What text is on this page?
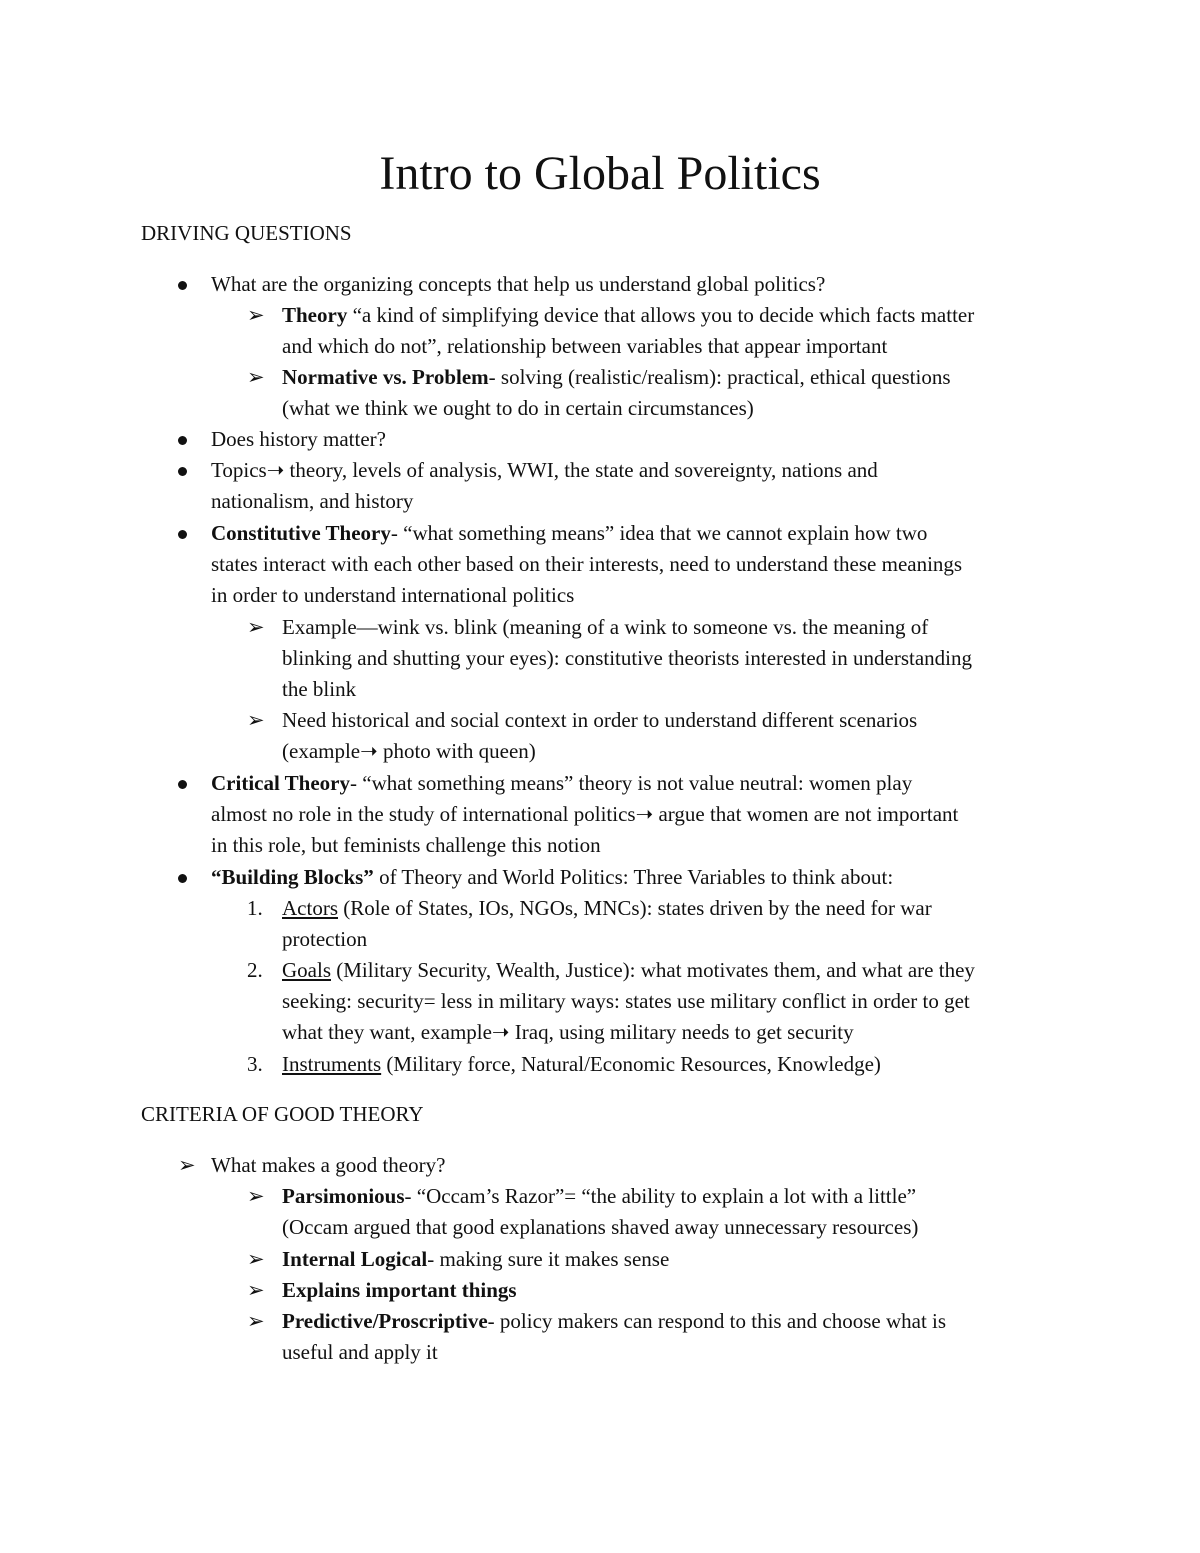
Intro to Global Politics
DRIVING QUESTIONS
What are the organizing concepts that help us understand global politics?
➢ Theory “a kind of simplifying device that allows you to decide which facts matter
and which do not”, relationship between variables that appear important
➢ Normative vs. Problem- solving (realistic/realism): practical, ethical questions
(what we think we ought to do in certain circumstances)
Does history matter?
Topics➝ theory, levels of analysis, WWI, the state and sovereignty, nations and
nationalism, and history
Constitutive Theory- “what something means” idea that we cannot explain how two
states interact with each other based on their interests, need to understand these meanings
in order to understand international politics
➢ Example—wink vs. blink (meaning of a wink to someone vs. the meaning of
blinking and shutting your eyes): constitutive theorists interested in understanding
the blink
➢ Need historical and social context in order to understand different scenarios
(example➝ photo with queen)
Critical Theory- “what something means” theory is not value neutral: women play
almost no role in the study of international politics➝ argue that women are not important
in this role, but feminists challenge this notion
“Building Blocks” of Theory and World Politics: Three Variables to think about:
1. Actors (Role of States, IOs, NGOs, MNCs): states driven by the need for war
protection
2. Goals (Military Security, Wealth, Justice): what motivates them, and what are they
seeking: security= less in military ways: states use military conflict in order to get
what they want, example➝ Iraq, using military needs to get security
3. Instruments (Military force, Natural/Economic Resources, Knowledge)
CRITERIA OF GOOD THEORY
➢ What makes a good theory?
➢ Parsimonious- “Occam’s Razor”= “the ability to explain a lot with a little”
(Occam argued that good explanations shaved away unnecessary resources)
➢ Internal Logical- making sure it makes sense
➢ Explains important things
➢ Predictive/Proscriptive- policy makers can respond to this and choose what is
useful and apply it
